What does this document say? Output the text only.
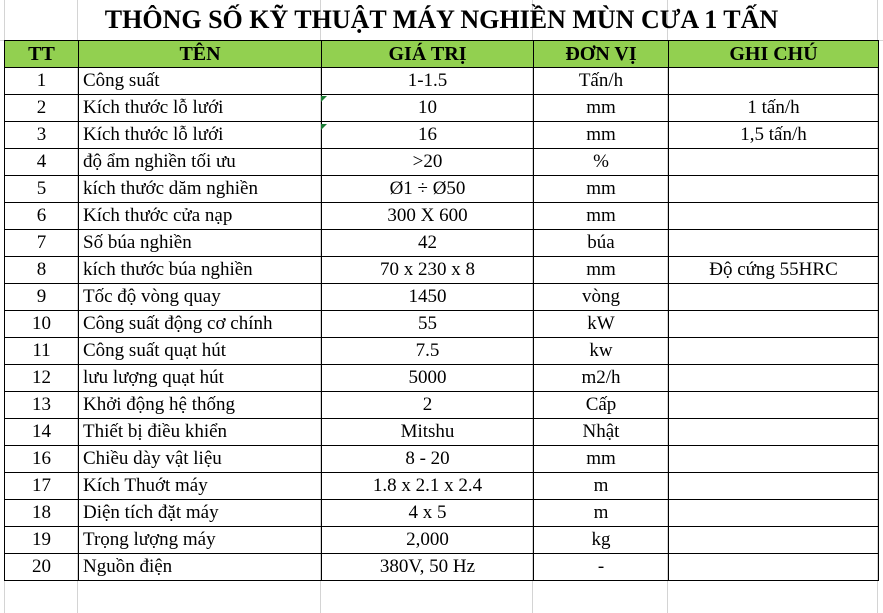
THÔNG SỐ KỸ THUẬT MÁY NGHIỀN MÙN CƯA 1 TẤN
TT	TÊN	GIÁ TRỊ	ĐƠN VỊ	GHI CHÚ
1	Công suất	1-1.5	Tấn/h	
2	Kích thước lỗ lưới	10	mm	1 tấn/h
3	Kích thước lỗ lưới	16	mm	1,5 tấn/h
4	độ ẩm nghiền tối ưu	>20	%	
5	kích thước dăm nghiền	Ø1 ÷ Ø50	mm	
6	Kích thước cửa nạp	300 X 600	mm	
7	Số búa nghiền	42	búa	
8	kích thước búa nghiền	70 x 230 x 8	mm	Độ cứng 55HRC
9	Tốc độ vòng quay	1450	vòng	
10	Công suất động cơ chính	55	kW	
11	Công suất quạt hút	7.5	kw	
12	lưu lượng quạt hút	5000	m2/h	
13	Khởi động hệ thống	2	Cấp	
14	Thiết bị điều khiển	Mitshu	Nhật	
16	Chiều dày vật liệu	8 - 20	mm	
17	Kích Thuớt máy	1.8 x 2.1 x 2.4	m	
18	Diện tích đặt máy	4 x 5	m	
19	Trọng lượng máy	2,000	kg	
20	Nguồn điện	380V, 50 Hz	-	
